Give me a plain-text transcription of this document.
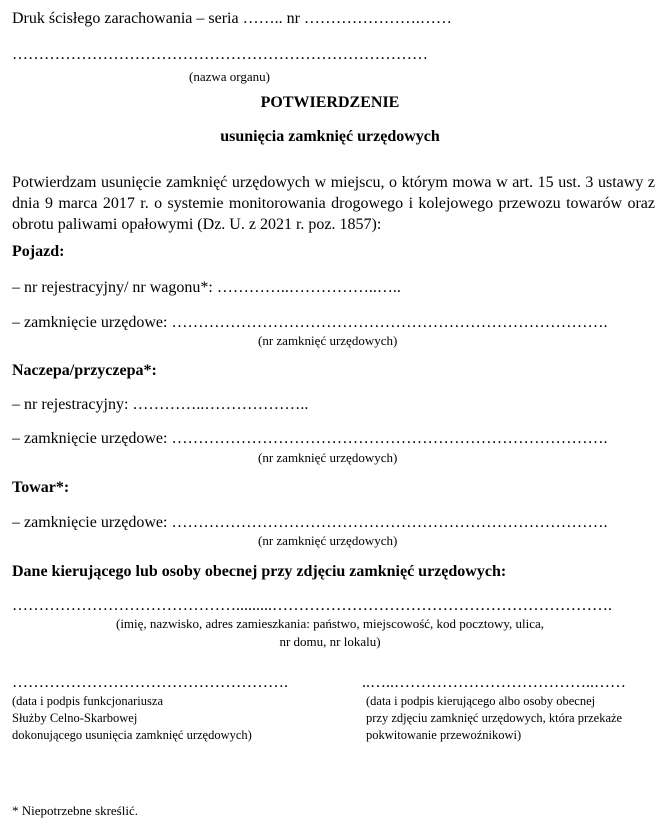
Druk ścisłego zarachowania – seria …….. nr ………………….……
……………………………………………………………………
(nazwa organu)
POTWIERDZENIE
usunięcia zamknięć urzędowych
Potwierdzam usunięcie zamknięć urzędowych w miejscu, o którym mowa w art. 15 ust. 3 ustawy z dnia 9 marca 2017 r. o systemie monitorowania drogowego i kolejowego przewozu towarów oraz obrotu paliwami opałowymi (Dz. U. z 2021 r. poz. 1857):
Pojazd:
– nr rejestracyjny/ nr wagonu*: …………..……………..…..
– zamknięcie urzędowe: ……………………………………………………………………….
(nr zamknięć urzędowych)
Naczepa/przyczepa*:
– nr rejestracyjny: …………..………………..
– zamknięcie urzędowe: ……………………………………………………………………….
(nr zamknięć urzędowych)
Towar*:
– zamknięcie urzędowe: ……………………………………………………………………….
(nr zamknięć urzędowych)
Dane kierującego lub osoby obecnej przy zdjęciu zamknięć urzędowych:
…………………………………….........……………………………………………………….
(imię, nazwisko, adres zamieszkania: państwo, miejscowość, kod pocztowy, ulica,
nr domu, nr lokalu)
…………………………………………….
(data i podpis funkcjonariusza
Służby Celno-Skarbowej
dokonującego usunięcia zamknięć urzędowych)
..…..………………………………..……
(data i podpis kierującego albo osoby obecnej
przy zdjęciu zamknięć urzędowych, która przekaże
pokwitowanie przewoźnikowi)
* Niepotrzebne skreślić.
